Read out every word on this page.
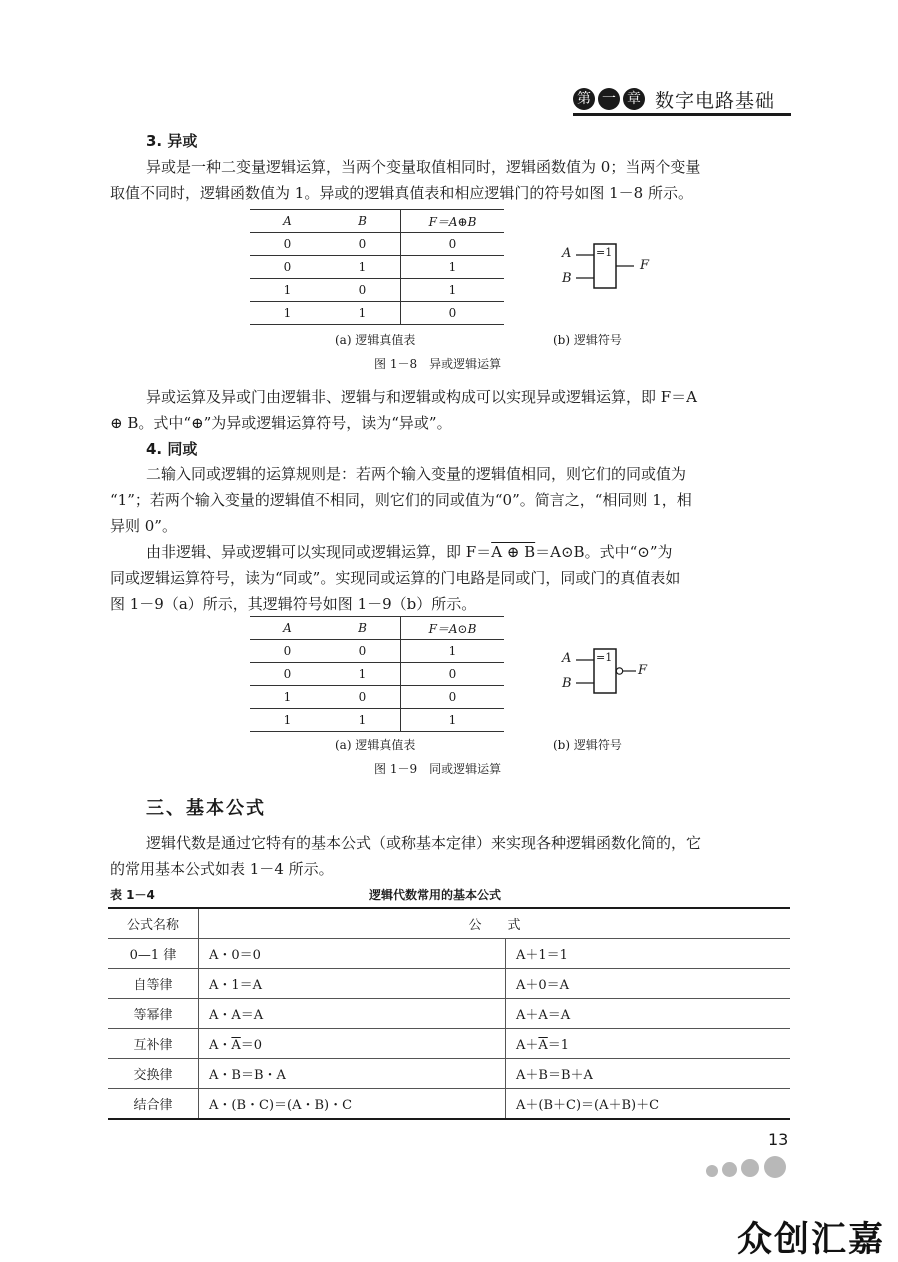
第 一 章 数字电路基础
3. 异或
异或是一种二变量逻辑运算，当两个变量取值相同时，逻辑函数值为 0；当两个变量
取值不同时，逻辑函数值为 1。异或的逻辑真值表和相应逻辑门的符号如图 1－8 所示。
A	B	F＝A⊕B
0	0	0
0	1	1
1	0	1
1	1	0
A
B
=1
F
(a) 逻辑真值表	(b) 逻辑符号
图 1－8　异或逻辑运算
异或运算及异或门由逻辑非、逻辑与和逻辑或构成可以实现异或逻辑运算，即 F＝A
⊕ B。式中“⊕”为异或逻辑运算符号，读为“异或”。
4. 同或
二输入同或逻辑的运算规则是：若两个输入变量的逻辑值相同，则它们的同或值为
“1”；若两个输入变量的逻辑值不相同，则它们的同或值为“0”。简言之，“相同则 1，相
异则 0”。
由非逻辑、异或逻辑可以实现同或逻辑运算，即 F＝A ⊕ B＝A⊙B。式中“⊙”为
同或逻辑运算符号，读为“同或”。实现同或运算的门电路是同或门，同或门的真值表如
图 1－9（a）所示，其逻辑符号如图 1－9（b）所示。
A	B	F＝A⊙B
0	0	1
0	1	0
1	0	0
1	1	1
A
B
=1
F
(a) 逻辑真值表	(b) 逻辑符号
图 1－9　同或逻辑运算
三、基本公式
逻辑代数是通过它特有的基本公式（或称基本定律）来实现各种逻辑函数化简的，它
的常用基本公式如表 1－4 所示。
表 1－4	逻辑代数常用的基本公式
公式名称	公　　式	
0—1 律	A・0＝0	A＋1＝1
自等律	A・1＝A	A＋0＝A
等幂律	A・A＝A	A＋A＝A
互补律	A・$\overline{A}=0$	$A+\overline{A}=1$
交换律	A・B＝B・A	A＋B＝B＋A
结合律	A・(B・C)＝(A・B)・C	A＋(B＋C)＝(A＋B)＋C
13
众创汇嘉
